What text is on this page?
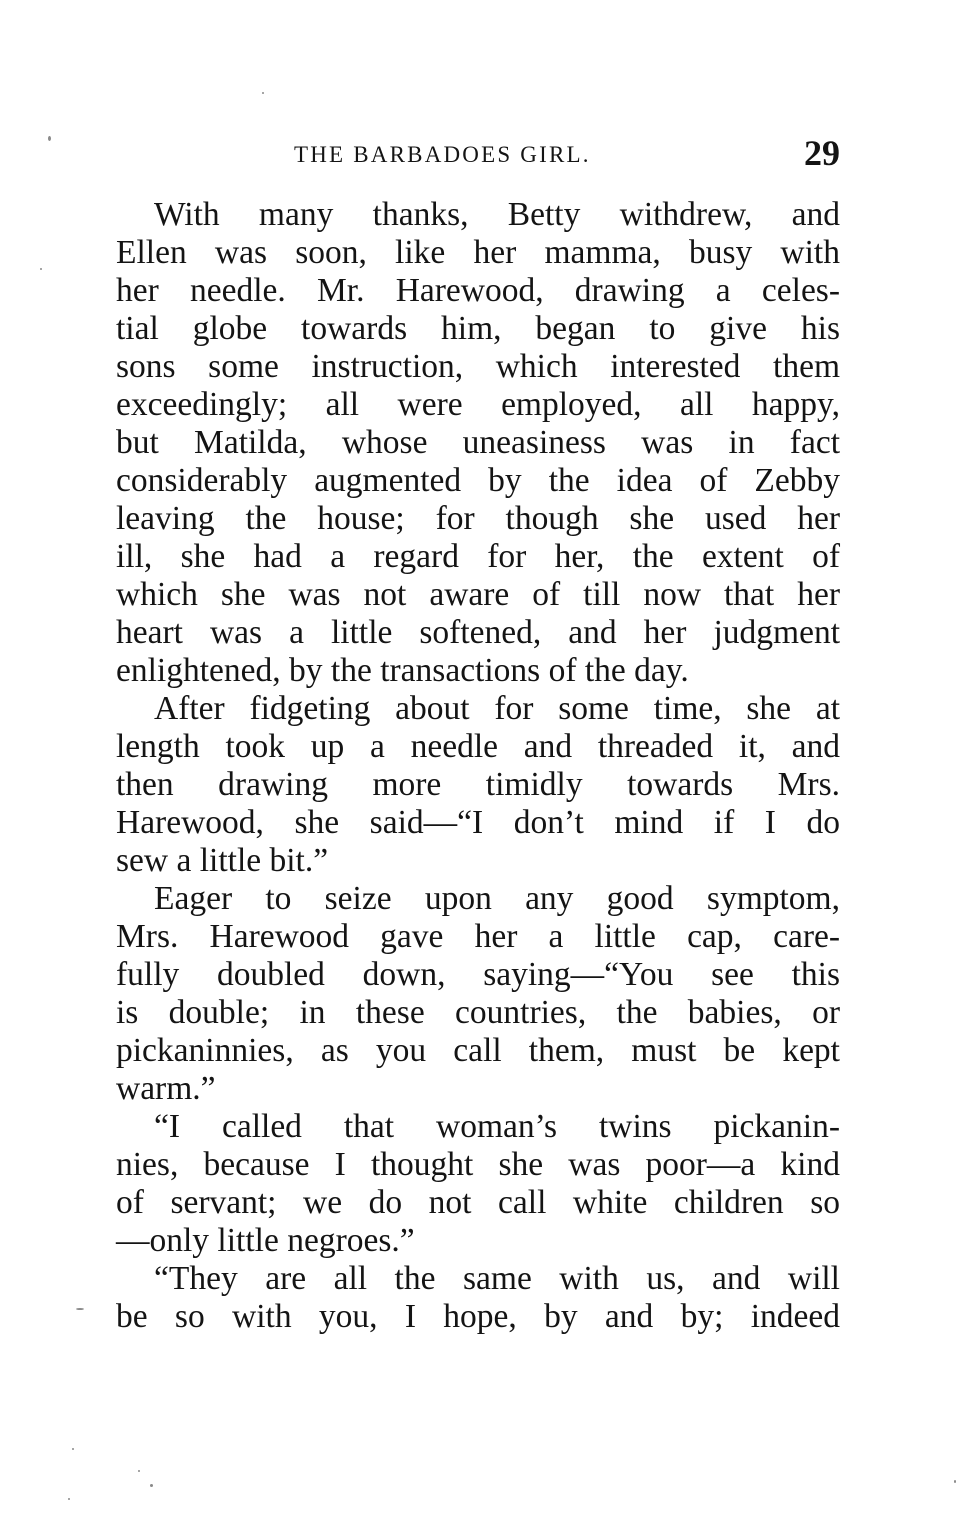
THE BARBADOES GIRL.	29
With many thanks, Betty withdrew, and
Ellen was soon, like her mamma, busy with
her needle. Mr. Harewood, drawing a celes-
tial globe towards him, began to give his
sons some instruction, which interested them
exceedingly; all were employed, all happy,
but Matilda, whose uneasiness was in fact
considerably augmented by the idea of Zebby
leaving the house; for though she used her
ill, she had a regard for her, the extent of
which she was not aware of till now that her
heart was a little softened, and her judgment
enlightened, by the transactions of the day.
After fidgeting about for some time, she at
length took up a needle and threaded it, and
then drawing more timidly towards Mrs.
Harewood, she said—“I don’t mind if I do
sew a little bit.”
Eager to seize upon any good symptom,
Mrs. Harewood gave her a little cap, care-
fully doubled down, saying—“You see this
is double; in these countries, the babies, or
pickaninnies, as you call them, must be kept
warm.”
“I called that woman’s twins pickanin-
nies, because I thought she was poor—a kind
of servant; we do not call white children so
—only little negroes.”
“They are all the same with us, and will
be so with you, I hope, by and by; indeed
